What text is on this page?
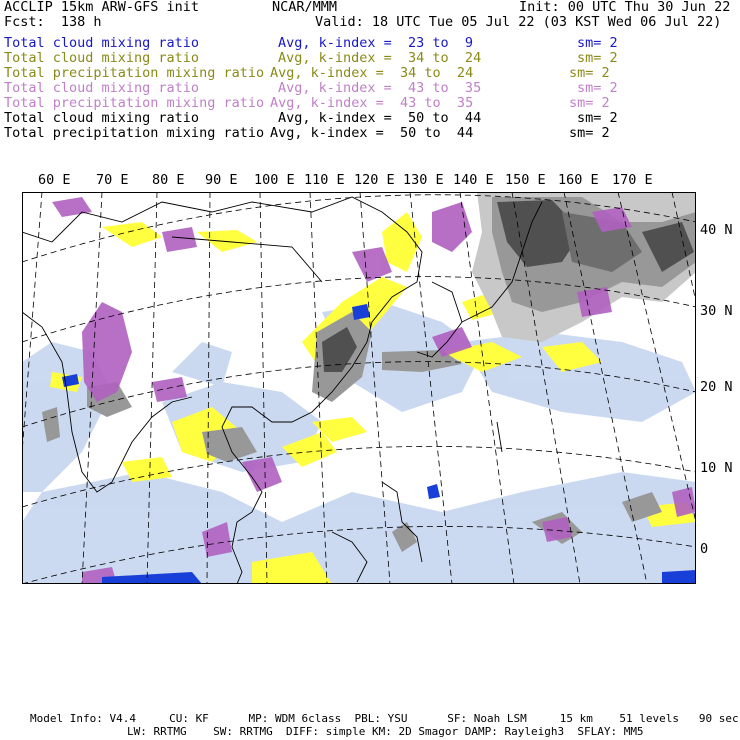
ACCLIP 15km ARW-GFS init	NCAR/MMM	Init: 00 UTC Thu 30 Jun 22
Fcst:  138 h	Valid: 18 UTC Tue 05 Jul 22 (03 KST Wed 06 Jul 22)
Total cloud mixing ratio	Avg, k-index =  23 to  9	sm= 2
Total cloud mixing ratio	Avg, k-index =  34 to  24	sm= 2
Total precipitation mixing ratio Avg, k-index =  34 to  24	sm= 2
Total cloud mixing ratio	Avg, k-index =  43 to  35	sm= 2
Total precipitation mixing ratio Avg, k-index =  43 to  35	sm= 2
Total cloud mixing ratio	Avg, k-index =  50 to  44	sm= 2
Total precipitation mixing ratio Avg, k-index =  50 to  44	sm= 2
60 E 70 E 80 E 90 E 100 E 110 E 120 E 130 E 140 E 150 E 160 E 170 E
40 N
30 N
20 N
10 N
0
Model Info: V4.4     CU: KF      MP: WDM 6class  PBL: YSU      SF: Noah LSM     15 km    51 levels   90 sec
LW: RRTMG    SW: RRTMG  DIFF: simple KM: 2D Smagor DAMP: Rayleigh3  SFLAY: MM5
